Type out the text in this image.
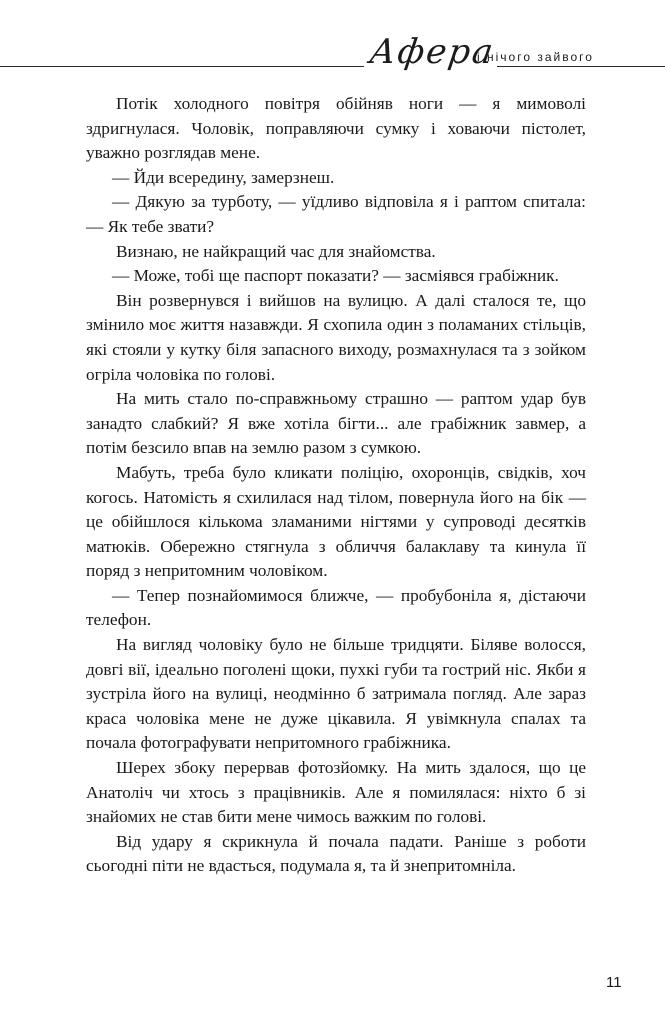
Афера
і нічого зайвого

Потік холодного повітря обійняв ноги — я мимоволі здригнулася. Чоловік, поправляючи сумку і ховаючи пістолет, уважно розглядав мене.

— Йди всередину, замерзнеш.

— Дякую за турботу, — уїдливо відповіла я і раптом спитала: — Як тебе звати?

Визнаю, не найкращий час для знайомства.

— Може, тобі ще паспорт показати? — засміявся грабіжник.

Він розвернувся і вийшов на вулицю. А далі сталося те, що змінило моє життя назавжди. Я схопила один з поламаних стільців, які стояли у кутку біля запасного виходу, розмахнулася та з зойком огріла чоловіка по голові.

На мить стало по-справжньому страшно — раптом удар був занадто слабкий? Я вже хотіла бігти... але грабіжник завмер, а потім безсило впав на землю разом з сумкою.

Мабуть, треба було кликати поліцію, охоронців, свідків, хоч когось. Натомість я схилилася над тілом, повернула його на бік — це обійшлося кількома зламаними нігтями у супроводі десятків матюків. Обережно стягнула з обличчя балаклаву та кинула її поряд з непритомним чоловіком.

— Тепер познайомимося ближче, — пробубоніла я, дістаючи телефон.

На вигляд чоловіку було не більше тридцяти. Біляве волосся, довгі вії, ідеально поголені щоки, пухкі губи та гострий ніс. Якби я зустріла його на вулиці, неодмінно б затримала погляд. Але зараз краса чоловіка мене не дуже цікавила. Я увімкнула спалах та почала фотографувати непритомного грабіжника.

Шерех збоку перервав фотозйомку. На мить здалося, що це Анатоліч чи хтось з працівників. Але я помилялася: ніхто б зі знайомих не став бити мене чимось важким по голові.

Від удару я скрикнула й почала падати. Раніше з роботи сьогодні піти не вдасться, подумала я, та й знепритомніла.

11
